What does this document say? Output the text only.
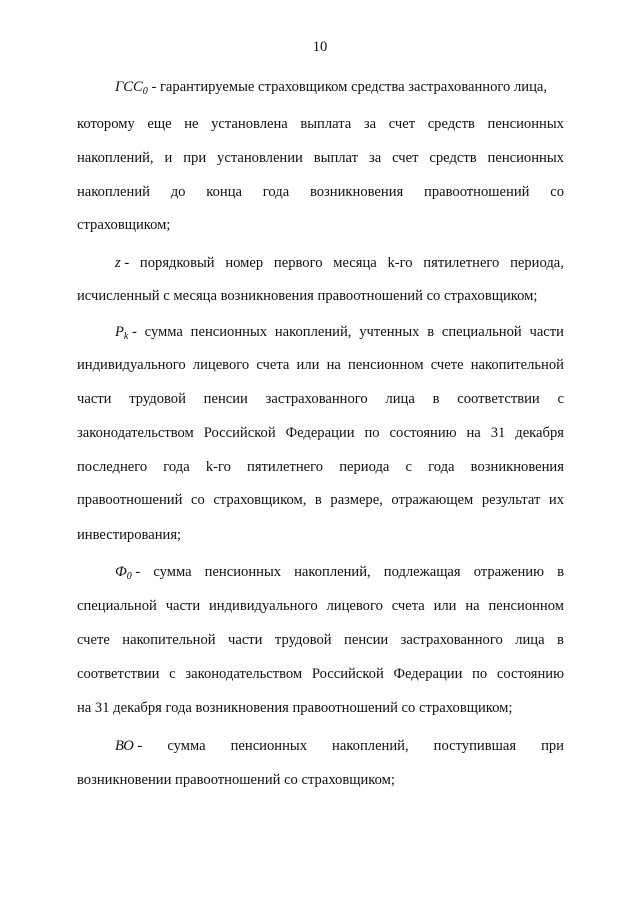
10
$ГСС_0$ - гарантируемые страховщиком средства застрахованного лица,
которому еще не установлена выплата за счет средств пенсионных
накоплений, и при установлении выплат за счет средств пенсионных
накоплений до конца года возникновения правоотношений со
страховщиком;
z - порядковый номер первого месяца k-го пятилетнего периода,
исчисленный с месяца возникновения правоотношений со страховщиком;
$P_k$ - сумма пенсионных накоплений, учтенных в специальной части
индивидуального лицевого счета или на пенсионном счете накопительной
части трудовой пенсии застрахованного лица в соответствии с
законодательством Российской Федерации по состоянию на 31 декабря
последнего года k-го пятилетнего периода с года возникновения
правоотношений со страховщиком, в размере, отражающем результат их
инвестирования;
$Ф_0$ - сумма пенсионных накоплений, подлежащая отражению в
специальной части индивидуального лицевого счета или на пенсионном
счете накопительной части трудовой пенсии застрахованного лица в
соответствии с законодательством Российской Федерации по состоянию
на 31 декабря года возникновения правоотношений со страховщиком;
ВО - сумма пенсионных накоплений, поступившая при
возникновении правоотношений со страховщиком;
